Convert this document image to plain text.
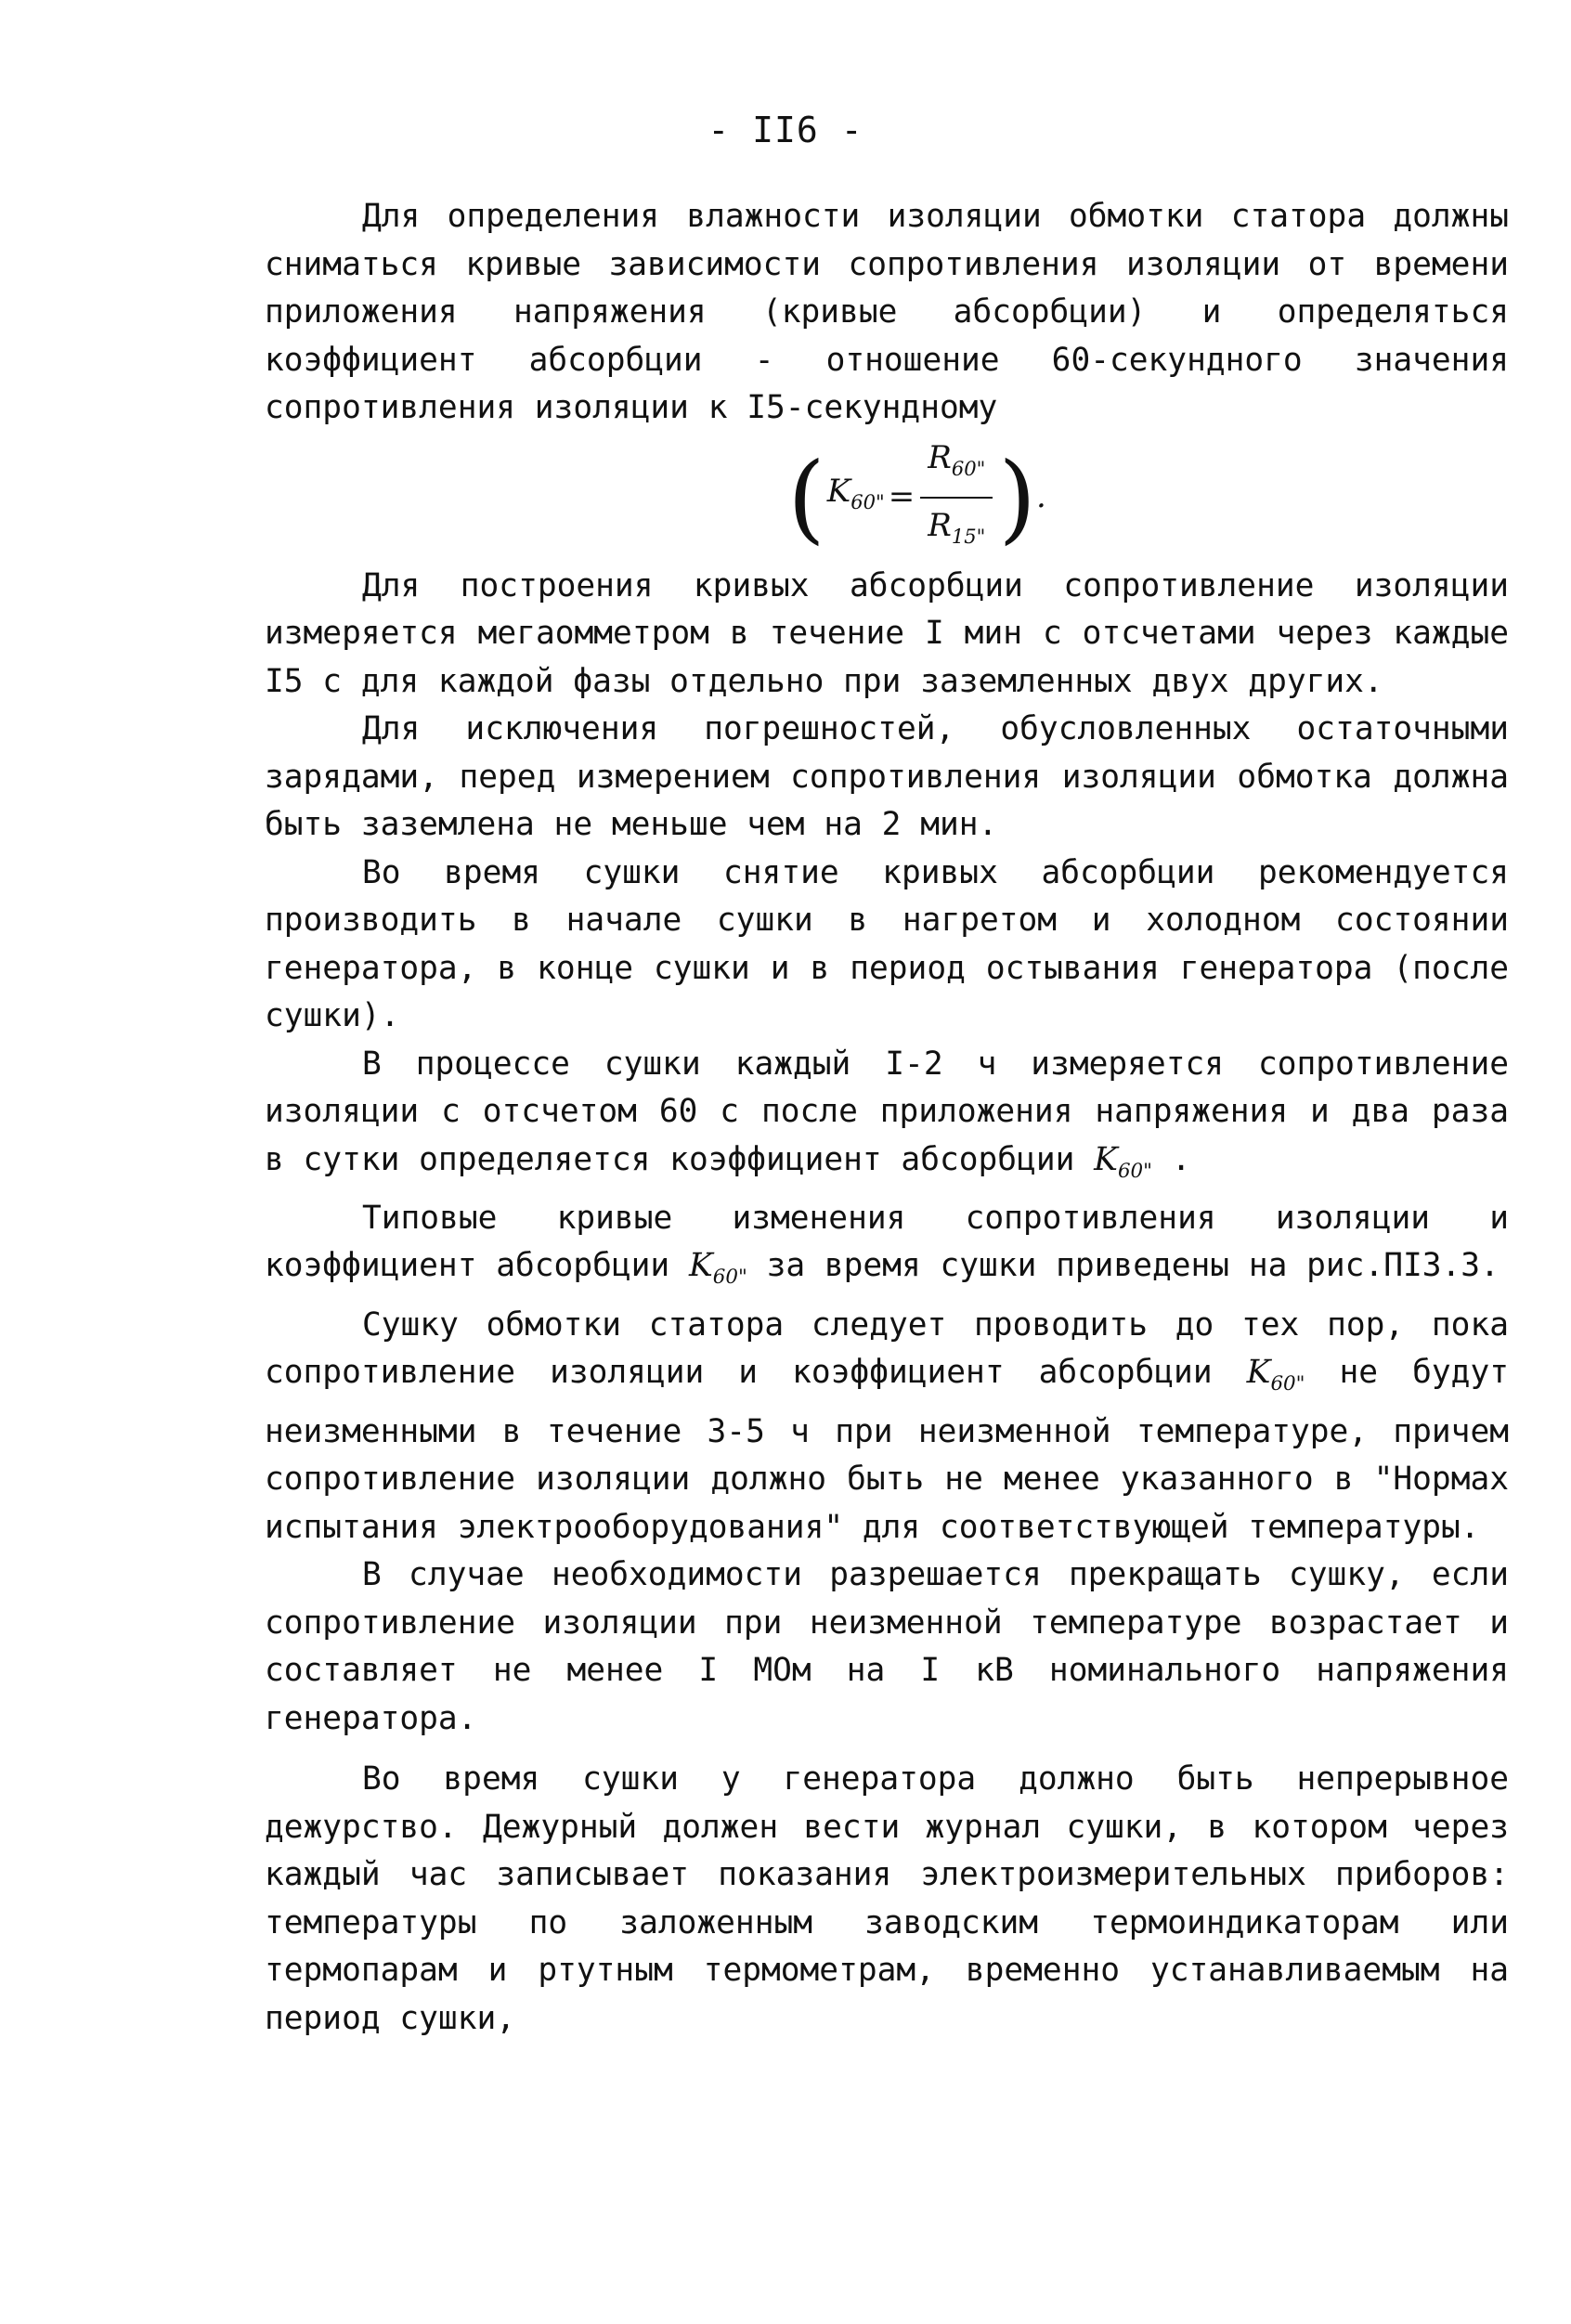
- II6 -

Для определения влажности изоляции обмотки статора должны сниматься кривые зависимости сопротивления изоляции от времени приложения напряжения (кривые абсорбции) и определяться коэффициент абсорбции - отношение 60-секундного значения сопротивления изоляции к I5-секундному

( $K_{60"} = \frac{R_{60"}}{R_{15"}}$ ) .

Для построения кривых абсорбции сопротивление изоляции измеряется мегаомметром в течение I мин с отсчетами через каждые I5 с для каждой фазы отдельно при заземленных двух других.

Для исключения погрешностей, обусловленных остаточными зарядами, перед измерением сопротивления изоляции обмотка должна быть заземлена не меньше чем на 2 мин.

Во время сушки снятие кривых абсорбции рекомендуется производить в начале сушки в нагретом и холодном состоянии генератора, в конце сушки и в период остывания генератора (после сушки).

В процессе сушки каждый I-2 ч измеряется сопротивление изоляции с отсчетом 60 с после приложения напряжения и два раза в сутки определяется коэффициент абсорбции $K_{60"}$ .

Типовые кривые изменения сопротивления изоляции и коэффициент абсорбции $K_{60"}$ за время сушки приведены на рис.ПI3.3.

Сушку обмотки статора следует проводить до тех пор, пока сопротивление изоляции и коэффициент абсорбции $K_{60"}$ не будут неизменными в течение 3-5 ч при неизменной температуре, причем сопротивление изоляции должно быть не менее указанного в "Нормах испытания электрооборудования" для соответствующей температуры.

В случае необходимости разрешается прекращать сушку, если сопротивление изоляции при неизменной температуре возрастает и составляет не менее I МОм на I кВ номинального напряжения генератора.

Во время сушки у генератора должно быть непрерывное дежурство. Дежурный должен вести журнал сушки, в котором через каждый час записывает показания электроизмерительных приборов: температуры по заложенным заводским термоиндикаторам или термопарам и ртутным термометрам, временно устанавливаемым на период сушки,
